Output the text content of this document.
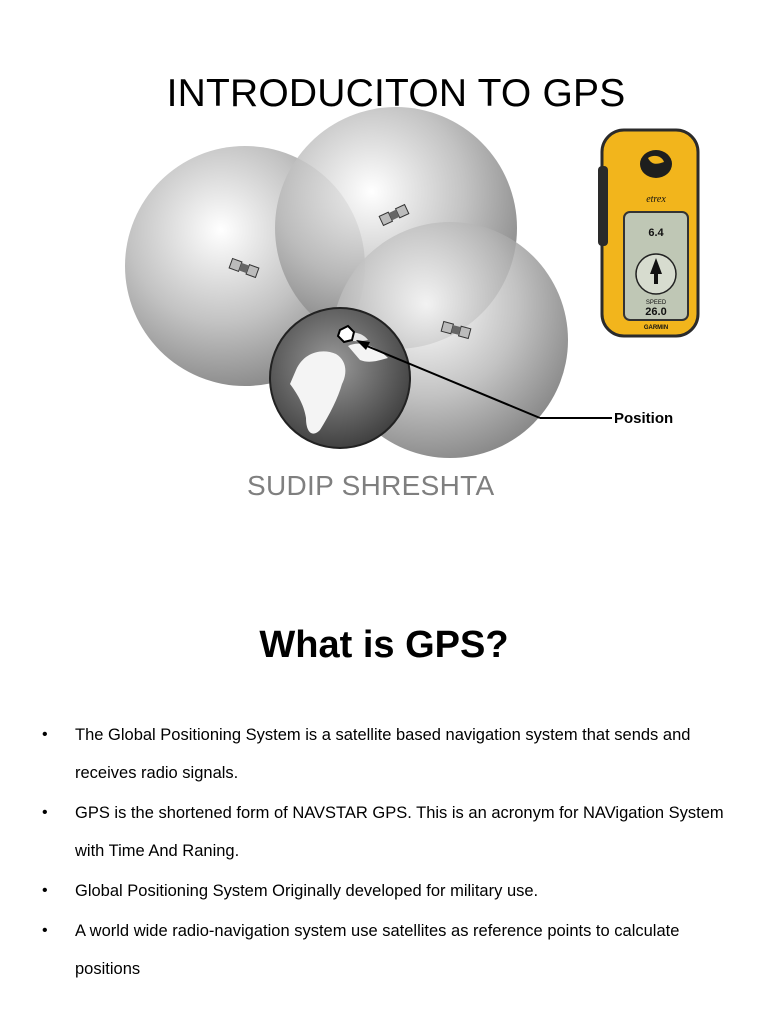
Position
etrex
6.4
SPEED
26.0
GARMIN
INTRODUCITON TO GPS
SUDIP SHRESHTA
What is GPS?
• The Global Positioning System is a satellite based navigation system that sends and receives radio signals.
• GPS is the shortened form of NAVSTAR GPS. This is an acronym for NAVigation System with Time And Raning.
• Global Positioning System Originally developed for military use.
• A world wide radio-navigation system use satellites as reference points to calculate positions
